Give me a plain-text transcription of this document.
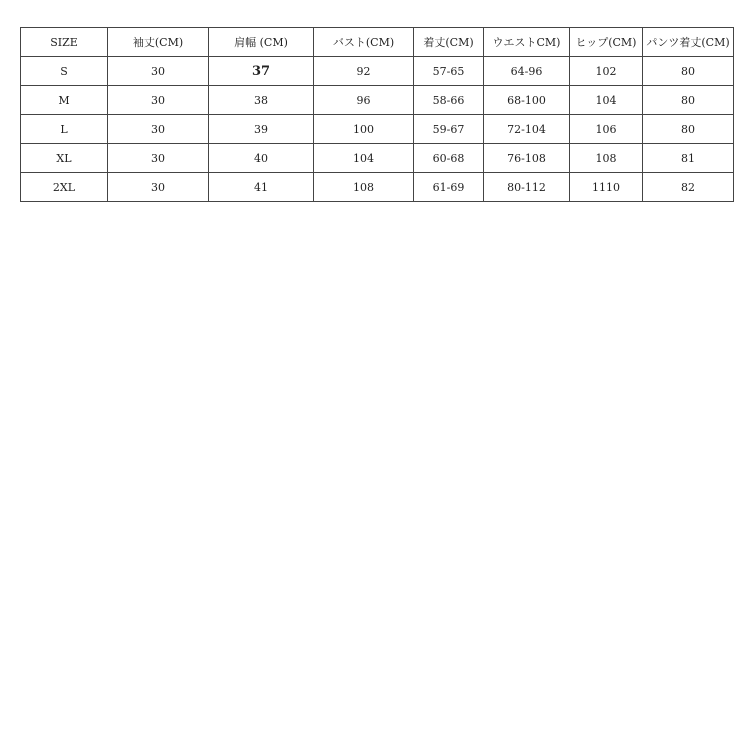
SIZE	袖丈(CM)	肩幅 (CM)	バスト(CM)	着丈(CM)	ウエストCM)	ヒップ(CM)	パンツ着丈(CM)
S	30	37	92	57-65	64-96	102	80
M	30	38	96	58-66	68-100	104	80
L	30	39	100	59-67	72-104	106	80
XL	30	40	104	60-68	76-108	108	81
2XL	30	41	108	61-69	80-112	1110	82
